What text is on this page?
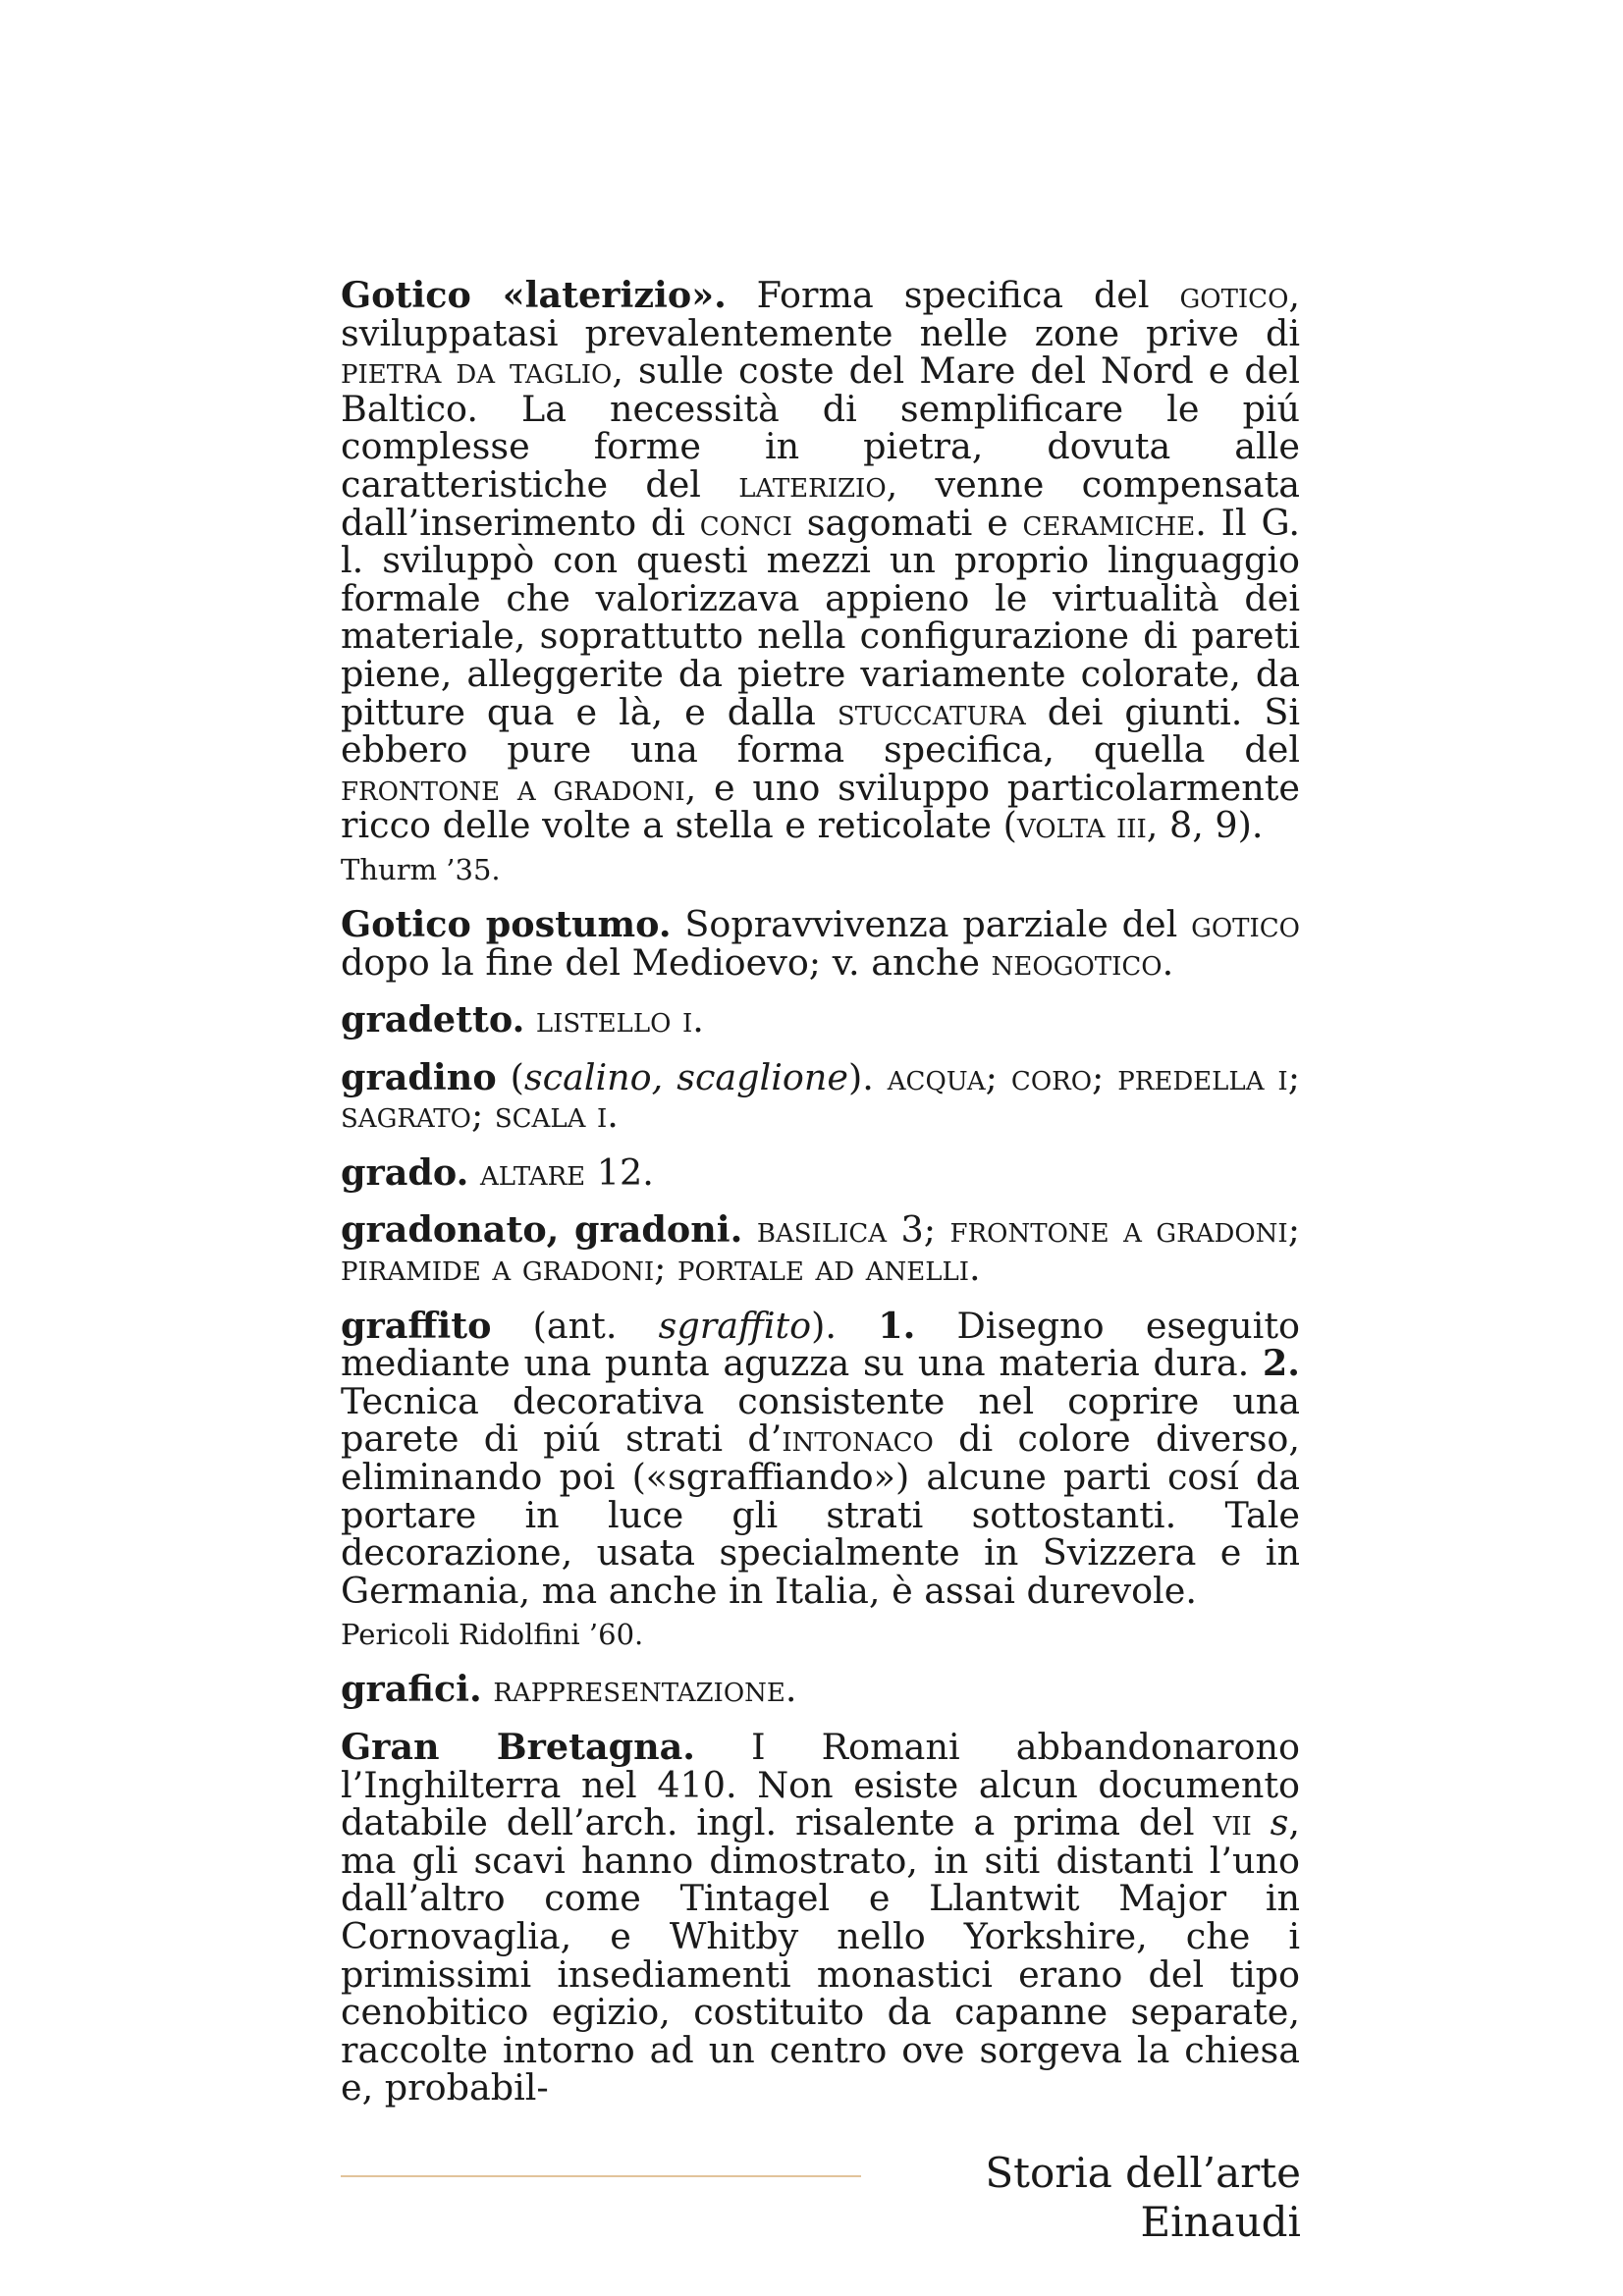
Gotico «laterizio». Forma specifica del gotico, sviluppatasi prevalentemente nelle zone prive di pietra da taglio, sulle coste del Mare del Nord e del Baltico. La necessità di semplificare le piú complesse forme in pietra, dovuta alle caratteristiche del laterizio, venne compensata dall’inserimento di conci sagomati e ceramiche. Il G. l. sviluppò con questi mezzi un proprio linguaggio formale che valorizzava appieno le virtualità dei materiale, soprattutto nella configurazione di pareti piene, alleggerite da pietre variamente colorate, da pitture qua e là, e dalla stuccatura dei giunti. Si ebbero pure una forma specifica, quella del frontone a gradoni, e uno sviluppo particolarmente ricco delle volte a stella e reticolate (volta iii, 8, 9).

Thurm ’35.

Gotico postumo. Sopravvivenza parziale del gotico dopo la fine del Medioevo; v. anche neogotico.

gradetto. listello i.

gradino (scalino, scaglione). acqua; coro; predella i; sagrato; scala i.

grado. altare 12.

gradonato, gradoni. basilica 3; frontone a gradoni; piramide a gradoni; portale ad anelli.

graffito (ant. sgraffito). 1. Disegno eseguito mediante una punta aguzza su una materia dura. 2. Tecnica decorativa consistente nel coprire una parete di piú strati d’intonaco di colore diverso, eliminando poi («sgraffiando») alcune parti cosí da portare in luce gli strati sottostanti. Tale decorazione, usata specialmente in Svizzera e in Germania, ma anche in Italia, è assai durevole.

Pericoli Ridolfini ’60.

grafici. rappresentazione.

Gran Bretagna. I Romani abbandonarono l’Inghilterra nel 410. Non esiste alcun documento databile dell’arch. ingl. risalente a prima del vii s, ma gli scavi hanno dimostrato, in siti distanti l’uno dall’altro come Tintagel e Llantwit Major in Cornovaglia, e Whitby nello Yorkshire, che i primissimi insediamenti monastici erano del tipo cenobitico egizio, costituito da capanne separate, raccolte intorno ad un centro ove sorgeva la chiesa e, probabil-

Storia dell’arte Einaudi
